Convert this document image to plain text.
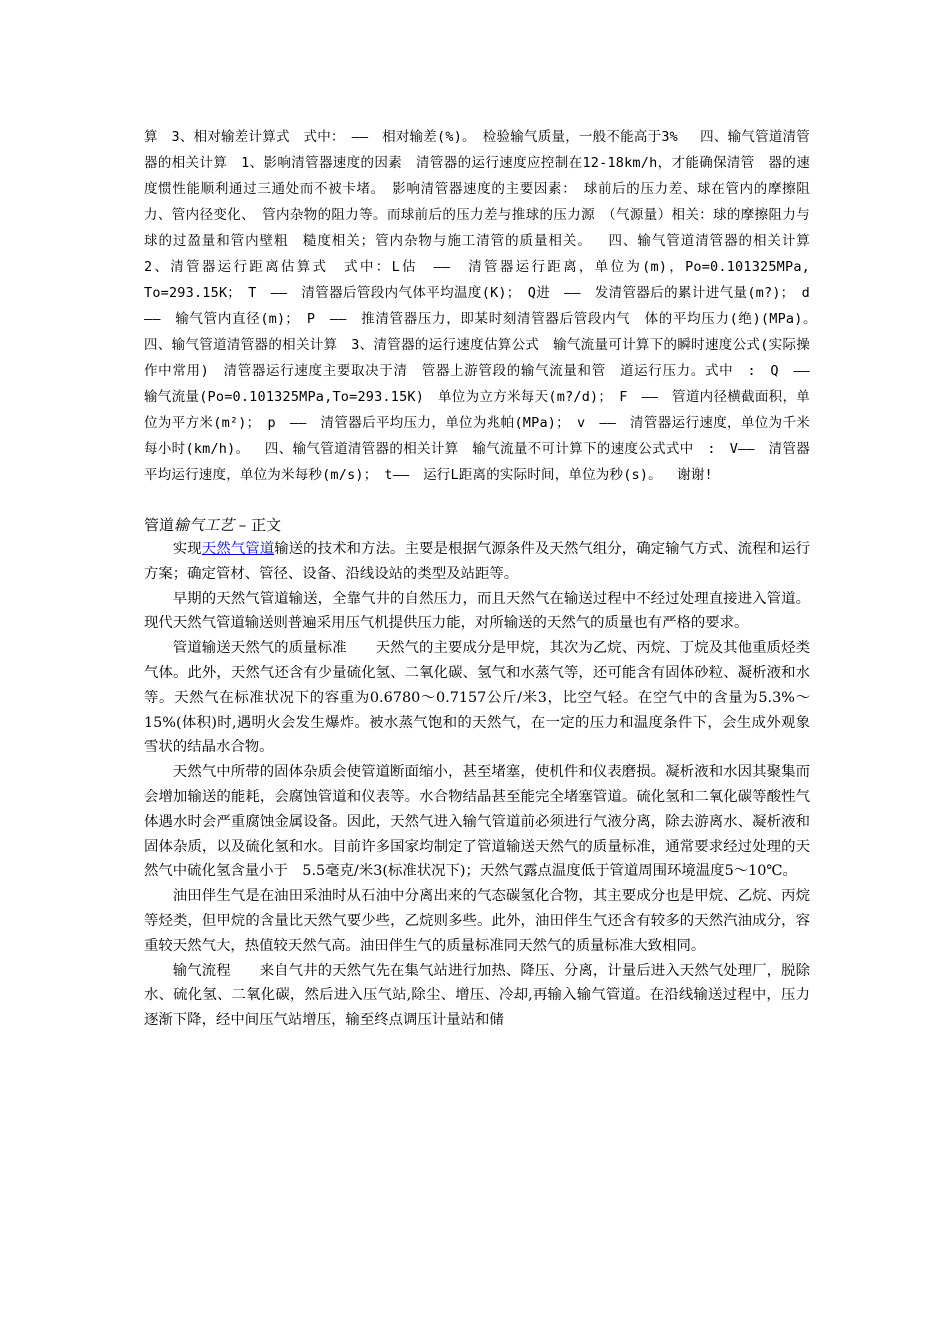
算　3、相对输差计算式　式中：　——　相对输差(%)。　检验输气质量，一般不能高于3%　 四、输气管道清管器的相关计算　1、影响清管器速度的因素　清管器的运行速度应控制在12-18km/h，才能确保清管　器的速度惯性能顺利通过三通处而不被卡堵。　影响清管器速度的主要因素：　球前后的压力差、球在管内的摩擦阻力、管内径变化、　管内杂物的阻力等。而球前后的压力差与推球的压力源　（气源量）相关：球的摩擦阻力与球的过盈量和管内壁粗　糙度相关；管内杂物与施工清管的质量相关。　 四、输气管道清管器的相关计算　2、清管器运行距离估算式　式中：L估　——　清管器运行距离，单位为(m)，Po=0.101325MPa,　To=293.15K；　T　——　清管器后管段内气体平均温度(K)；　Q进　——　发清管器后的累计进气量(m?)；　d　——　输气管内直径(m)；　P　——　推清管器压力，即某时刻清管器后管段内气　体的平均压力(绝)(MPa)。　 四、输气管道清管器的相关计算　3、清管器的运行速度估算公式　输气流量可计算下的瞬时速度公式(实际操作中常用)　清管器运行速度主要取决于清　管器上游管段的输气流量和管　道运行压力。式中　:　Q　——　输气流量(Po=0.101325MPa,To=293.15K)　单位为立方米每天(m?/d)；　F　——　管道内径横截面积，单位为平方米(m²)；　p　——　清管器后平均压力，单位为兆帕(MPa)；　v　——　清管器运行速度，单位为千米每小时(km/h)。　 四、输气管道清管器的相关计算　输气流量不可计算下的速度公式式中　:　V——　清管器平均运行速度，单位为米每秒(m/s)；　t——　运行L距离的实际时间，单位为秒(s)。　 谢谢!

管道输气工艺 – 正文

实现天然气管道输送的技术和方法。主要是根据气源条件及天然气组分，确定输气方式、流程和运行方案；确定管材、管径、设备、沿线设站的类型及站距等。

早期的天然气管道输送，全靠气井的自然压力，而且天然气在输送过程中不经过处理直接进入管道。现代天然气管道输送则普遍采用压气机提供压力能，对所输送的天然气的质量也有严格的要求。

管道输送天然气的质量标准　　天然气的主要成分是甲烷，其次为乙烷、丙烷、丁烷及其他重质烃类气体。此外，天然气还含有少量硫化氢、二氧化碳、氢气和水蒸气等，还可能含有固体砂粒、凝析液和水等。天然气在标准状况下的容重为0.6780～0.7157公斤/米3，比空气轻。在空气中的含量为5.3%～15%(体积)时,遇明火会发生爆炸。被水蒸气饱和的天然气，在一定的压力和温度条件下，会生成外观象雪状的结晶水合物。

天然气中所带的固体杂质会使管道断面缩小，甚至堵塞，使机件和仪表磨损。凝析液和水因其聚集而会增加输送的能耗，会腐蚀管道和仪表等。水合物结晶甚至能完全堵塞管道。硫化氢和二氧化碳等酸性气体遇水时会严重腐蚀金属设备。因此，天然气进入输气管道前必须进行气液分离，除去游离水、凝析液和固体杂质，以及硫化氢和水。目前许多国家均制定了管道输送天然气的质量标准，通常要求经过处理的天然气中硫化氢含量小于　5.5毫克/米3(标准状况下)；天然气露点温度低于管道周围环境温度5～10℃。

油田伴生气是在油田采油时从石油中分离出来的气态碳氢化合物，其主要成分也是甲烷、乙烷、丙烷等烃类，但甲烷的含量比天然气要少些，乙烷则多些。此外，油田伴生气还含有较多的天然汽油成分，容重较天然气大，热值较天然气高。油田伴生气的质量标准同天然气的质量标准大致相同。

输气流程　　来自气井的天然气先在集气站进行加热、降压、分离，计量后进入天然气处理厂，脱除水、硫化氢、二氧化碳，然后进入压气站,除尘、增压、冷却,再输入输气管道。在沿线输送过程中，压力逐渐下降，经中间压气站增压，输至终点调压计量站和储
